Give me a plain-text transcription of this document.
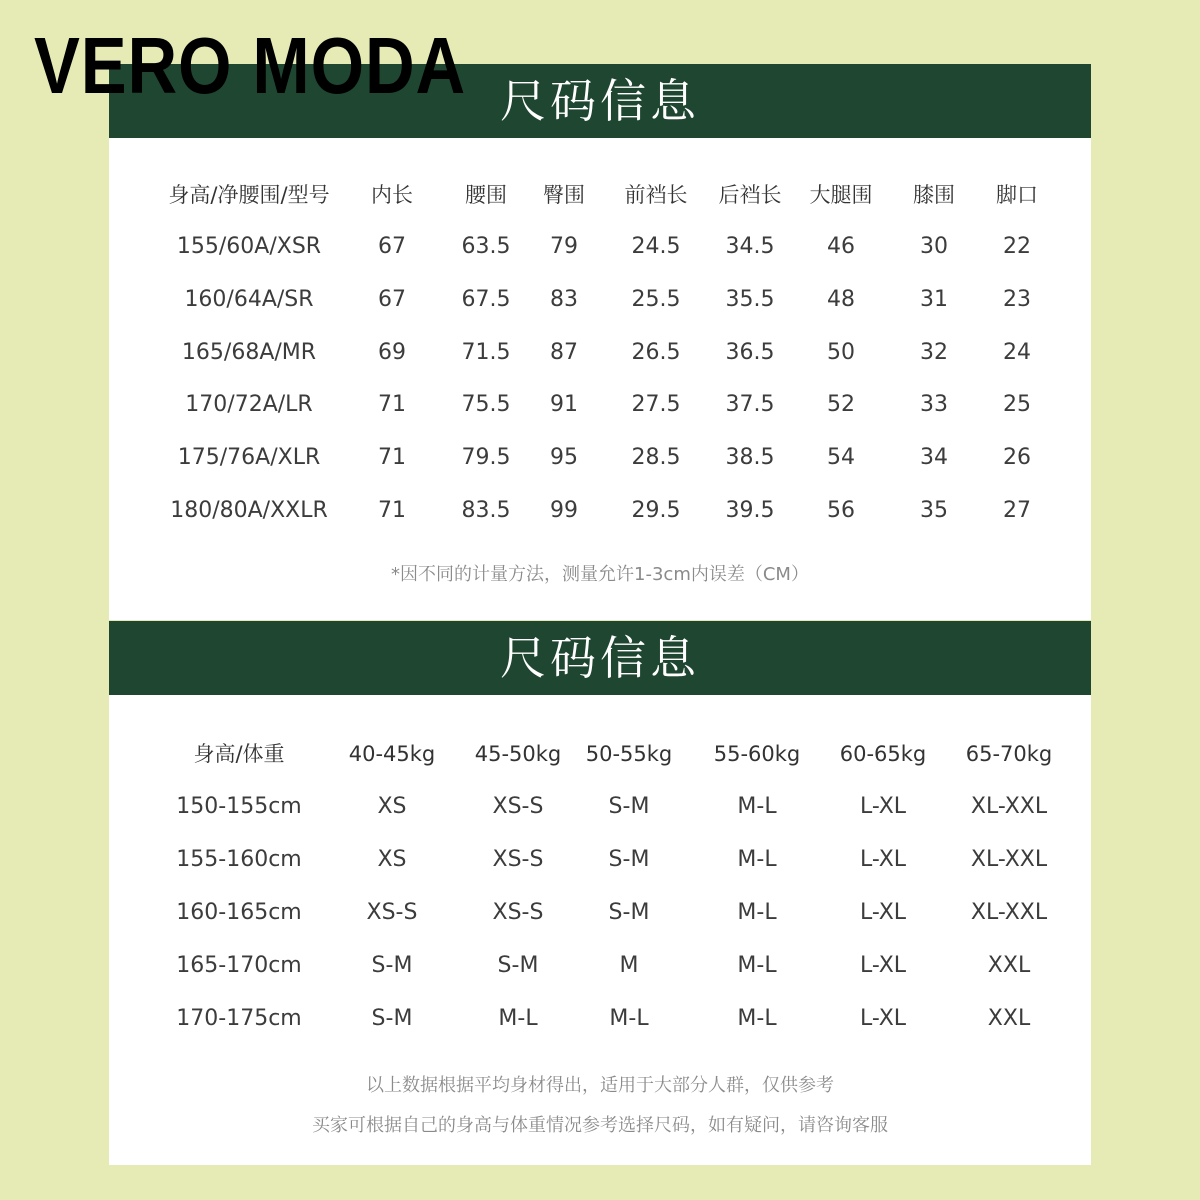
VERO MODA 尺码信息
身高/净腰围/型号 内长 腰围 臀围 前裆长 后裆长 大腿围 膝围 脚口
155/60A/XSR	67	63.5 79 24.5 34.5 46	30	22
160/64A/SR	67	67.5 83 25.5 35.5 48	31	23
165/68A/MR	69	71.5 87 26.5 36.5 50	32	24
170/72A/LR	71	75.5 91 27.5 37.5 52	33	25
175/76A/XLR	71	79.5 95 28.5 38.5 54	34	26
180/80A/XXLR 71	83.5 99 29.5 39.5 56	35	27
*因不同的计量方法，测量允许1-3cm内误差（CM）
尺码信息
身高/体重	40-45kg 45-50kg 50-55kg 55-60kg 60-65kg 65-70kg
150-155cm	XS	XS-S	S-M	M-L	L-XL	XL-XXL
155-160cm	XS	XS-S	S-M	M-L	L-XL	XL-XXL
160-165cm	XS-S	XS-S	S-M	M-L	L-XL	XL-XXL
165-170cm	S-M	S-M	M	M-L	L-XL	XXL
170-175cm	S-M	M-L	M-L	M-L	L-XL	XXL
以上数据根据平均身材得出，适用于大部分人群，仅供参考
买家可根据自己的身高与体重情况参考选择尺码，如有疑问，请咨询客服
